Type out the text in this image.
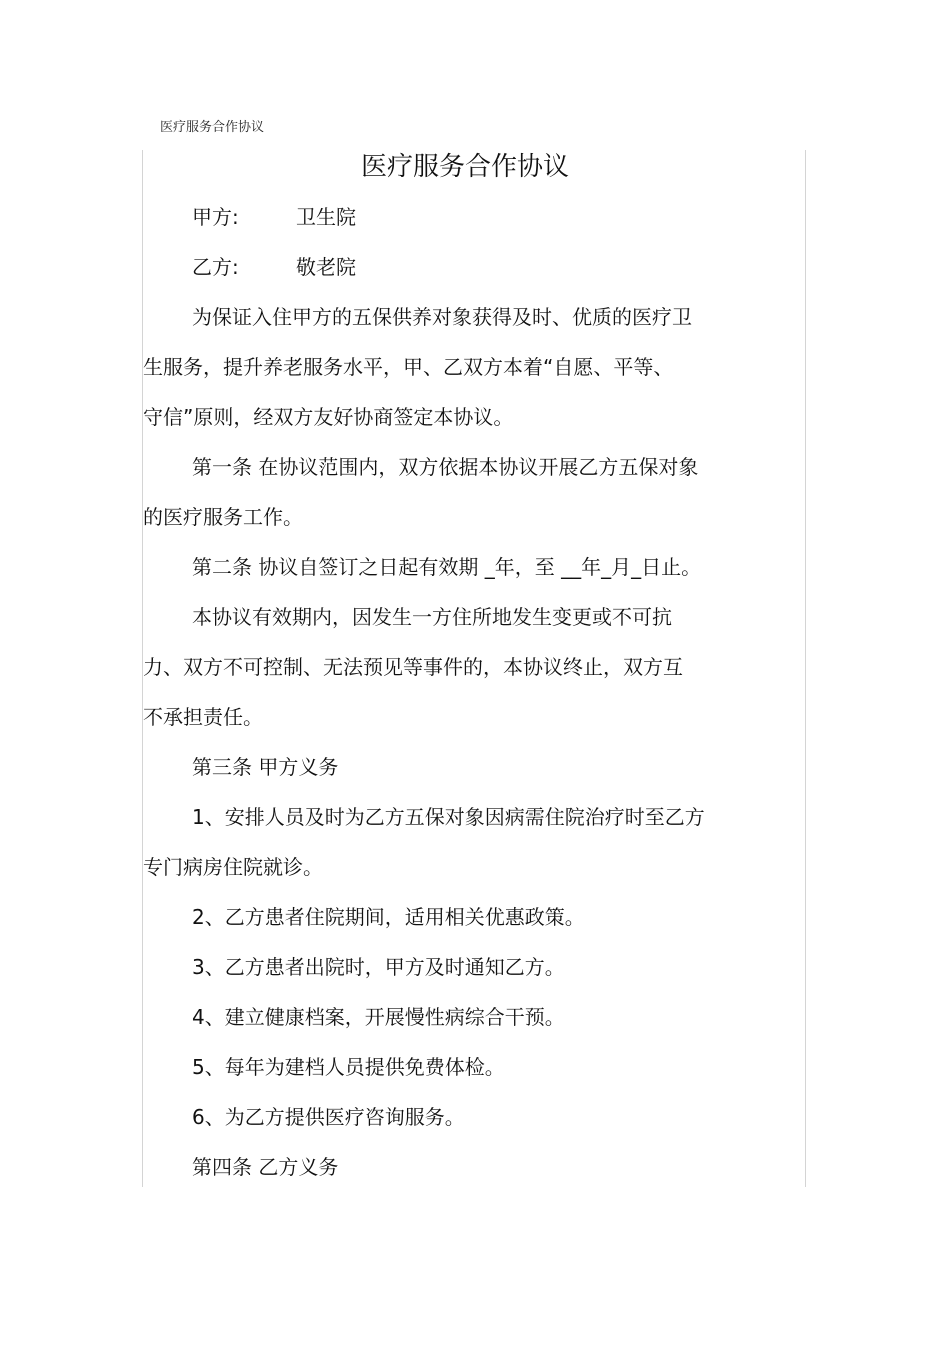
医疗服务合作协议
医疗服务合作协议
甲方:	卫生院
乙方:	敬老院
为保证入住甲方的五保供养对象获得及时、优质的医疗卫
生服务，提升养老服务水平，甲、乙双方本着“自愿、平等、
守信”原则，经双方友好协商签定本协议。
第一条 在协议范围内，双方依据本协议开展乙方五保对象
的医疗服务工作。
第二条 协议自签订之日起有效期 _年，至 __年_月_日止。
本协议有效期内，因发生一方住所地发生变更或不可抗
力、双方不可控制、无法预见等事件的，本协议终止，双方互
不承担责任。
第三条 甲方义务
1、安排人员及时为乙方五保对象因病需住院治疗时至乙方
专门病房住院就诊。
2、乙方患者住院期间，适用相关优惠政策。
3、乙方患者出院时，甲方及时通知乙方。
4、建立健康档案，开展慢性病综合干预。
5、每年为建档人员提供免费体检。
6、为乙方提供医疗咨询服务。
第四条 乙方义务
